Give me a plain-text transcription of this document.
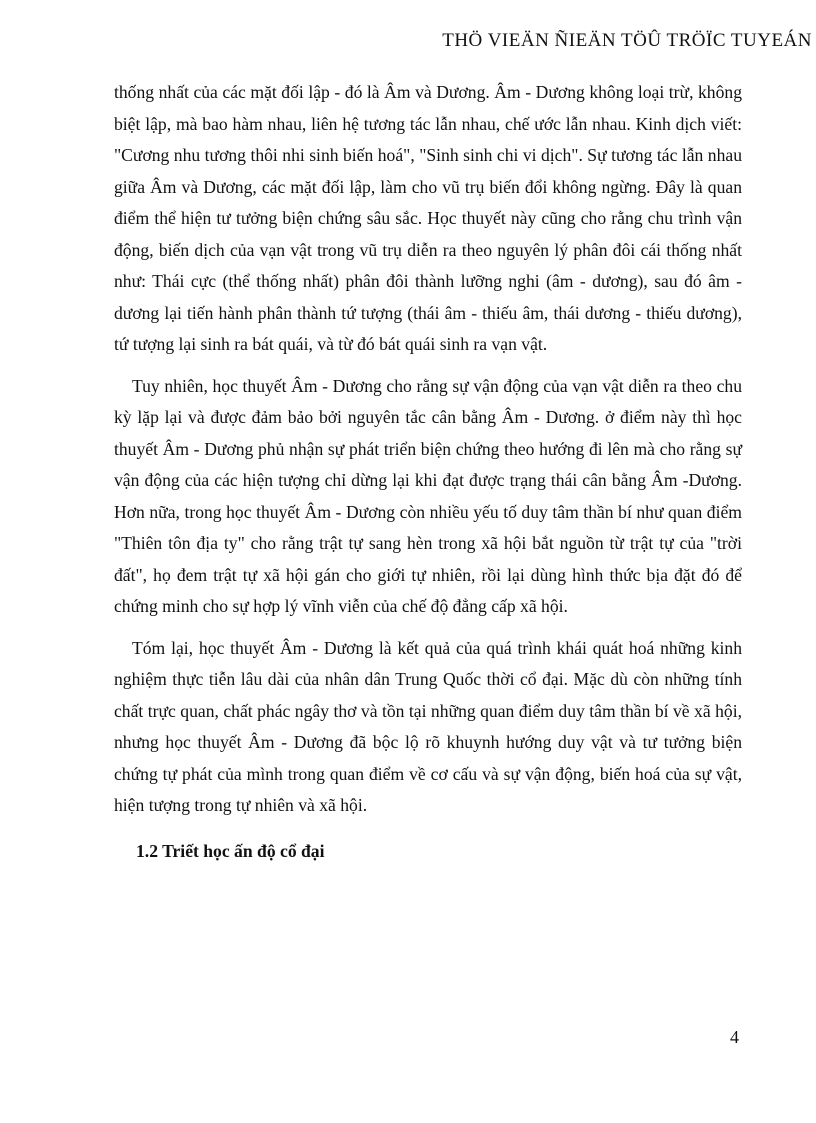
THÖ VIEÄN ÑIEÄN TÖÛ TRÖÏC TUYEÁN

thống nhất của các mặt đối lập - đó là Âm và Dương. Âm - Dương không loại trừ, không biệt lập, mà bao hàm nhau, liên hệ tương tác lẫn nhau, chế ước lẫn nhau. Kinh dịch viết: "Cương nhu tương thôi nhi sinh biến hoá", "Sinh sinh chi vi dịch". Sự tương tác lẫn nhau giữa Âm và Dương, các mặt đối lập, làm cho vũ trụ biến đổi không ngừng. Đây là quan điểm thể hiện tư tưởng biện chứng sâu sắc. Học thuyết này cũng cho rằng chu trình vận động, biến dịch của vạn vật trong vũ trụ diễn ra theo nguyên lý phân đôi cái thống nhất như: Thái cực (thể thống nhất) phân đôi thành lưỡng nghi (âm - dương), sau đó âm - dương lại tiến hành phân thành tứ tượng (thái âm - thiếu âm, thái dương - thiếu dương), tứ tượng lại sinh ra bát quái, và từ đó bát quái sinh ra vạn vật.

Tuy nhiên, học thuyết Âm - Dương cho rằng sự vận động của vạn vật diễn ra theo chu kỳ lặp lại và được đảm bảo bởi nguyên tắc cân bằng Âm - Dương. ở điểm này thì học thuyết Âm - Dương phủ nhận sự phát triển biện chứng theo hướng đi lên mà cho rằng sự vận động của các hiện tượng chỉ dừng lại khi đạt được trạng thái cân bằng Âm -Dương. Hơn nữa, trong học thuyết Âm - Dương còn nhiều yếu tố duy tâm thần bí như quan điểm "Thiên tôn địa ty" cho rằng trật tự sang hèn trong xã hội bắt nguồn từ trật tự của "trời đất", họ đem trật tự xã hội gán cho giới tự nhiên, rồi lại dùng hình thức bịa đặt đó để chứng minh cho sự hợp lý vĩnh viễn của chế độ đẳng cấp xã hội.

Tóm lại, học thuyết Âm - Dương là kết quả của quá trình khái quát hoá những kinh nghiệm thực tiễn lâu dài của nhân dân Trung Quốc thời cổ đại. Mặc dù còn những tính chất trực quan, chất phác ngây thơ và tồn tại những quan điểm duy tâm thần bí về xã hội, nhưng học thuyết Âm - Dương đã bộc lộ rõ khuynh hướng duy vật và tư tưởng biện chứng tự phát của mình trong quan điểm về cơ cấu và sự vận động, biến hoá của sự vật, hiện tượng trong tự nhiên và xã hội.

1.2 Triết học ấn độ cổ đại
4
